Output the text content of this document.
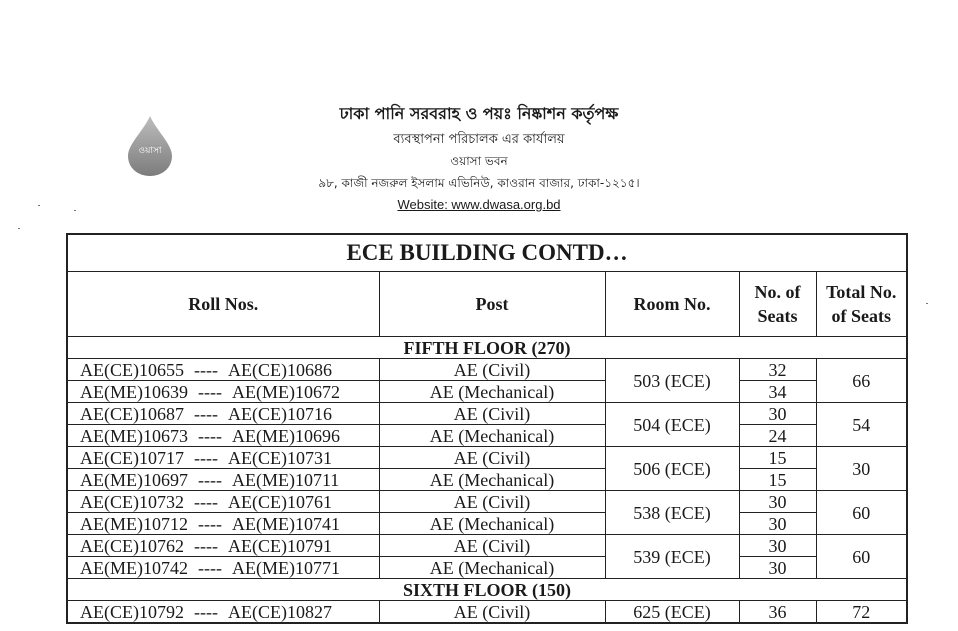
ওয়াসা
ঢাকা পানি সরবরাহ ও পয়ঃ নিষ্কাশন কর্তৃপক্ষ
ব্যবস্থাপনা পরিচালক এর কার্যালয়
ওয়াসা ভবন
৯৮, কাজী নজরুল ইসলাম এভিনিউ, কাওরান বাজার, ঢাকা-১২১৫।
Website: www.dwasa.org.bd
ECE BUILDING CONTD…				
Roll Nos.	Post	Room No.	No. of Seats	Total No. of Seats
FIFTH FLOOR (270)				
AE(CE)10655 ---- AE(CE)10686	AE (Civil)	503 (ECE)	32	66
AE(ME)10639 ---- AE(ME)10672	AE (Mechanical)		34	
AE(CE)10687 ---- AE(CE)10716	AE (Civil)	504 (ECE)	30	54
AE(ME)10673 ---- AE(ME)10696	AE (Mechanical)		24	
AE(CE)10717 ---- AE(CE)10731	AE (Civil)	506 (ECE)	15	30
AE(ME)10697 ---- AE(ME)10711	AE (Mechanical)		15	
AE(CE)10732 ---- AE(CE)10761	AE (Civil)	538 (ECE)	30	60
AE(ME)10712 ---- AE(ME)10741	AE (Mechanical)		30	
AE(CE)10762 ---- AE(CE)10791	AE (Civil)	539 (ECE)	30	60
AE(ME)10742 ---- AE(ME)10771	AE (Mechanical)		30	
SIXTH FLOOR (150)				
AE(CE)10792 ---- AE(CE)10827	AE (Civil)	625 (ECE)	36	72
